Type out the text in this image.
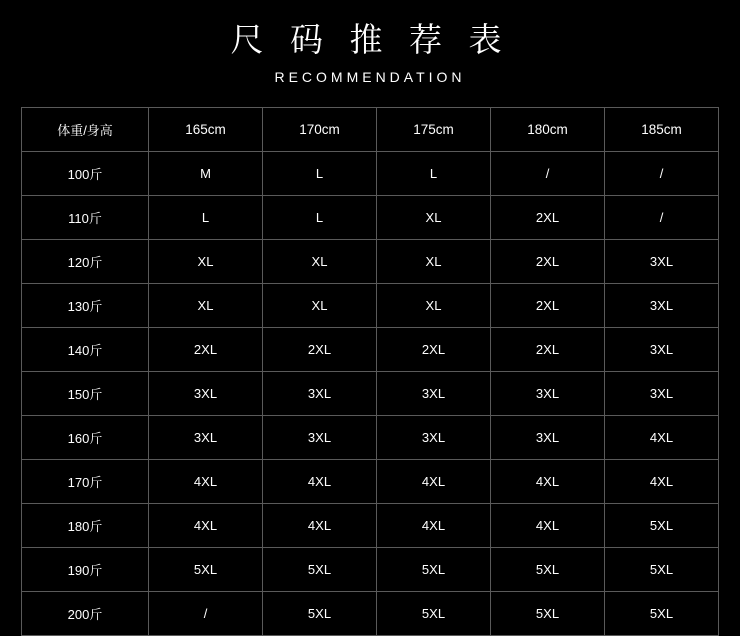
尺 码 推 荐 表
RECOMMENDATION
体重/身高	165cm	170cm	175cm	180cm	185cm
100斤	M	L	L	/	/
110斤	L	L	XL	2XL	/
120斤	XL	XL	XL	2XL	3XL
130斤	XL	XL	XL	2XL	3XL
140斤	2XL	2XL	2XL	2XL	3XL
150斤	3XL	3XL	3XL	3XL	3XL
160斤	3XL	3XL	3XL	3XL	4XL
170斤	4XL	4XL	4XL	4XL	4XL
180斤	4XL	4XL	4XL	4XL	5XL
190斤	5XL	5XL	5XL	5XL	5XL
200斤	/	5XL	5XL	5XL	5XL
